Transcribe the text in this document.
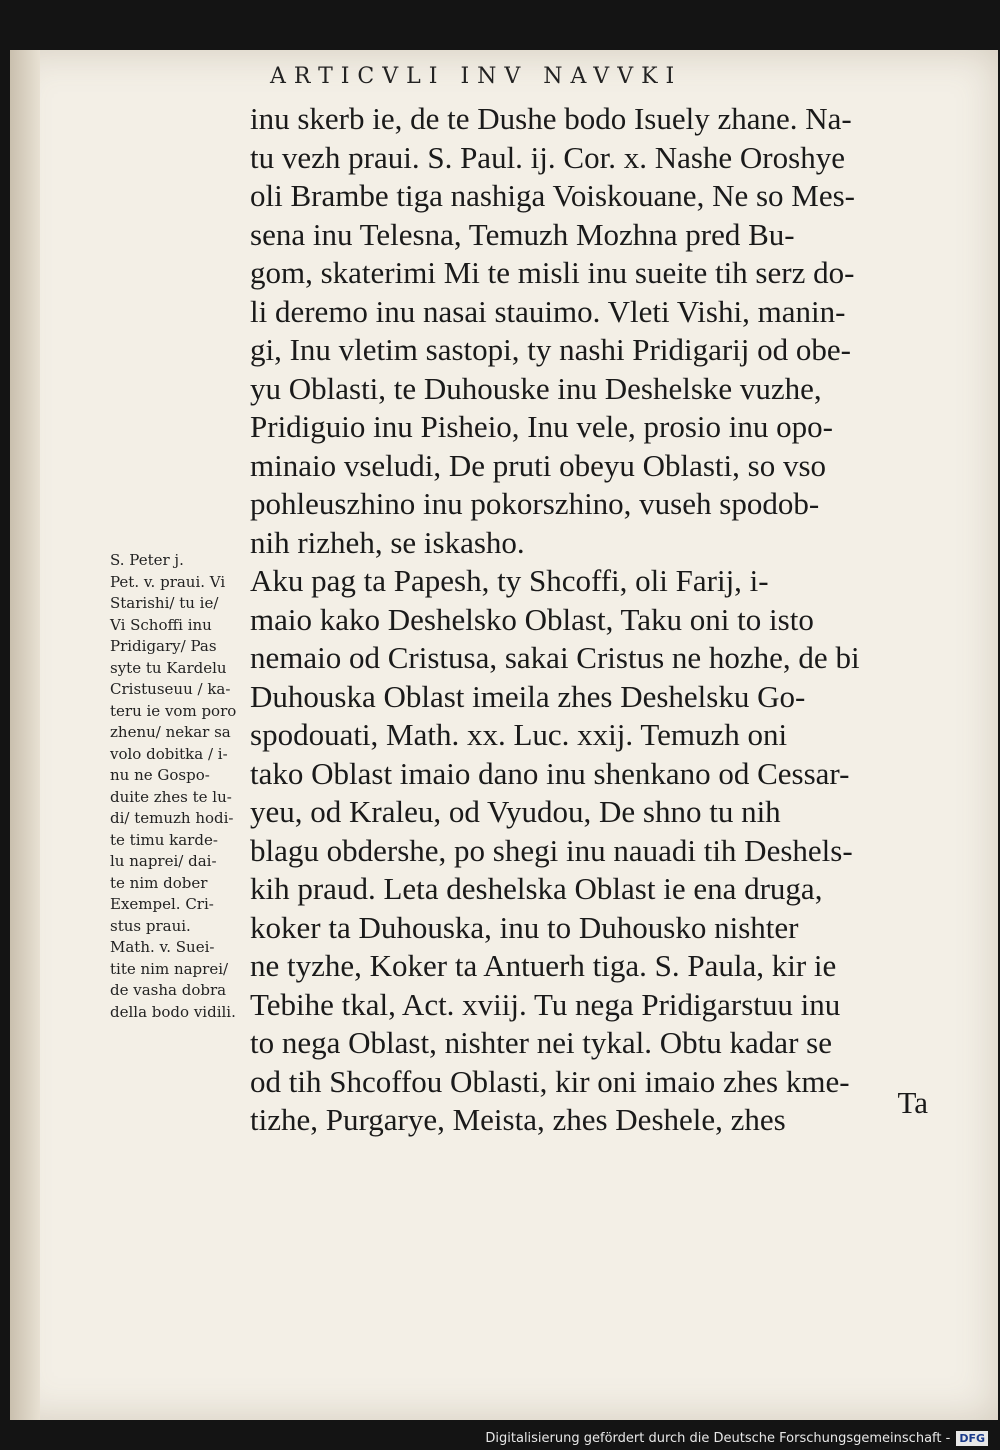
ARTICVLI INV NAVVKI
inu skerb ie, de te Dushe bodo Isuely zhane. Na-
tu vezh praui. S. Paul. ij. Cor. x. Nashe Oroshye
oli Brambe tiga nashiga Voiskouane, Ne so Mes-
sena inu Telesna, Temuzh Mozhna pred Bu-
gom, skaterimi Mi te misli inu sueite tih serz do-
li deremo inu nasai stauimo. Vleti Vishi, manin-
gi, Inu vletim sastopi, ty nashi Pridigarij od obe-
yu Oblasti, te Duhouske inu Deshelske vuzhe,
Pridiguio inu Pisheio, Inu vele, prosio inu opo-
minaio vseludi, De pruti obeyu Oblasti, so vso
pohleuszhino inu pokorszhino, vuseh spodob-
nih rizheh, se iskasho.
Aku pag ta Papesh, ty Shcoffi, oli Farij, i-
maio kako Deshelsko Oblast, Taku oni to isto
nemaio od Cristusa, sakai Cristus ne hozhe, de bi
Duhouska Oblast imeila zhes Deshelsku Go-
spodouati, Math. xx. Luc. xxij. Temuzh oni
tako Oblast imaio dano inu shenkano od Cessar-
yeu, od Kraleu, od Vyudou, De shno tu nih
blagu obdershe, po shegi inu nauadi tih Deshels-
kih praud. Leta deshelska Oblast ie ena druga,
koker ta Duhouska, inu to Duhousko nishter
ne tyzhe, Koker ta Antuerh tiga. S. Paula, kir ie
Tebihe tkal, Act. xviij. Tu nega Pridigarstuu inu
to nega Oblast, nishter nei tykal. Obtu kadar se
od tih Shcoffou Oblasti, kir oni imaio zhes kme-
tizhe, Purgarye, Meista, zhes Deshele, zhes	Ta
S. Peter j.
Pet. v. praui. Vi
Starishi/ tu ie/
Vi Schoffi inu
Pridigary/ Pas
syte tu Kardelu
Cristuseuu / ka-
teru ie vom poro
zhenu/ nekar sa
volo dobitka / i-
nu ne Gospo-
duite zhes te lu-
di/ temuzh hodi-
te timu karde-
lu naprei/ dai-
te nim dober
Exempel. Cri-
stus praui.
Math. v. Suei-
tite nim naprei/
de vasha dobra
della bodo vidili.
Digitalisierung gefördert durch die Deutsche Forschungsgemeinschaft - DFG
